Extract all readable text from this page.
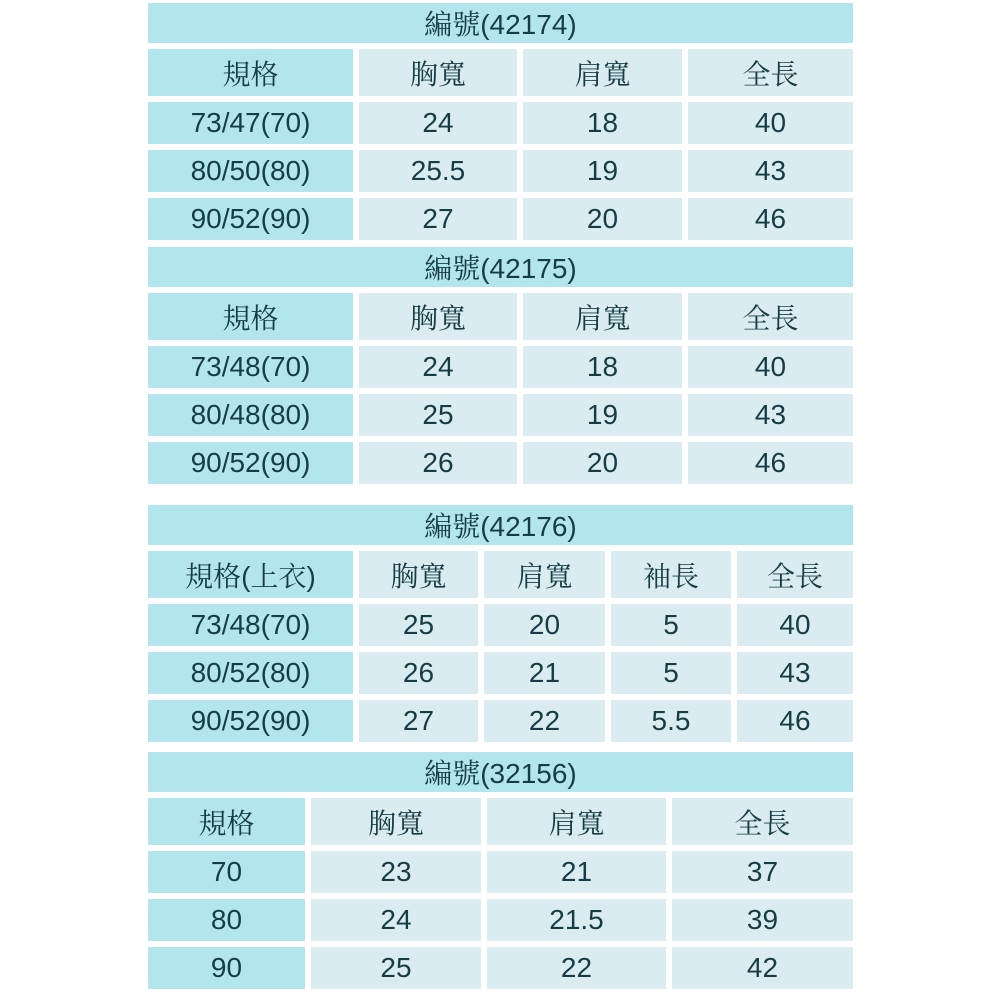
編號(42174)
規格	胸寬	肩寬	全長
73/47(70)	24	18	40
80/50(80)	25.5	19	43
90/52(90)	27	20	46
編號(42175)
規格	胸寬	肩寬	全長
73/48(70)	24	18	40
80/48(80)	25	19	43
90/52(90)	26	20	46
編號(42176)
規格(上衣)	胸寬	肩寬	袖長	全長
73/48(70)	25	20	5	40
80/52(80)	26	21	5	43
90/52(90)	27	22	5.5	46
編號(32156)
規格	胸寬	肩寬	全長
70	23	21	37
80	24	21.5	39
90	25	22	42
